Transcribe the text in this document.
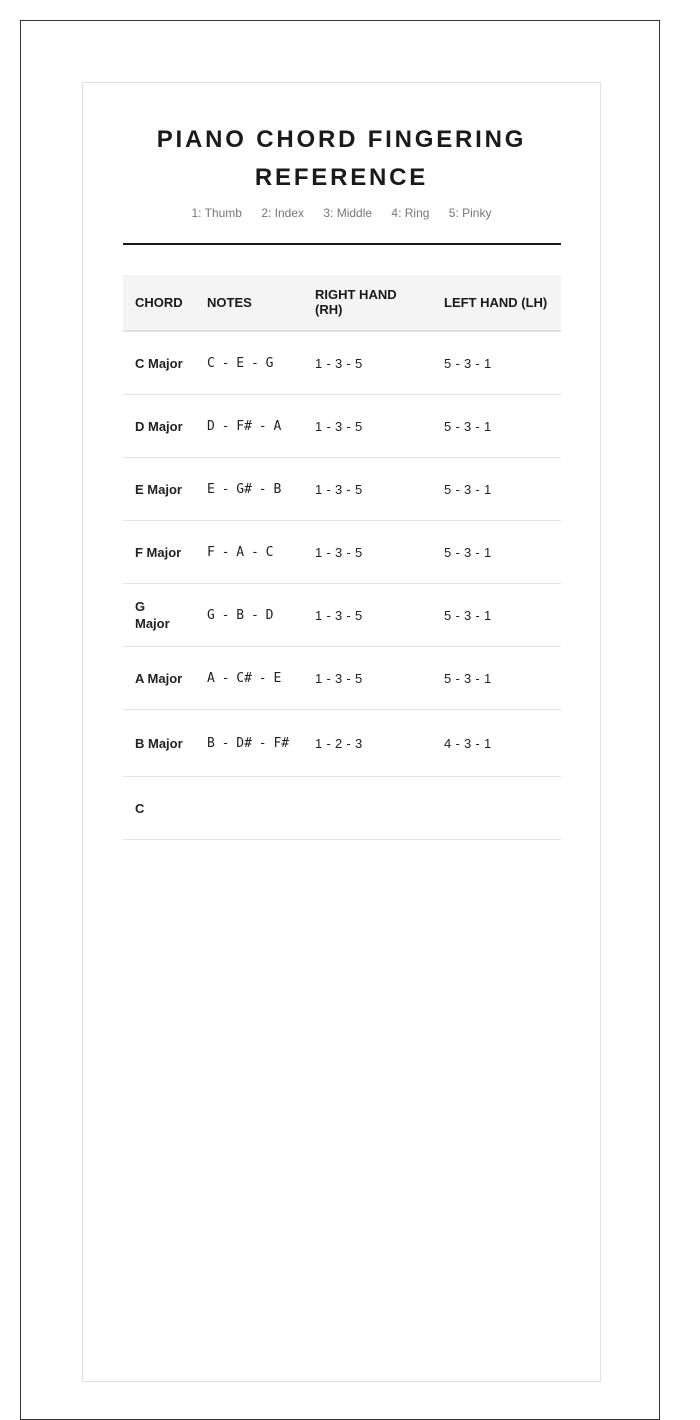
PIANO CHORD FINGERING REFERENCE
1: Thumb 2: Index 3: Middle 4: Ring 5: Pinky
CHORD	NOTES	RIGHT HAND (RH)	LEFT HAND (LH)
C Major	C - E - G	1 - 3 - 5	5 - 3 - 1
D Major	D - F# - A	1 - 3 - 5	5 - 3 - 1
E Major	E - G# - B	1 - 3 - 5	5 - 3 - 1
F Major	F - A - C	1 - 3 - 5	5 - 3 - 1
G Major	G - B - D	1 - 3 - 5	5 - 3 - 1
A Major	A - C# - E	1 - 3 - 5	5 - 3 - 1
B Major	B - D# - F#	1 - 2 - 3	4 - 3 - 1
C			
